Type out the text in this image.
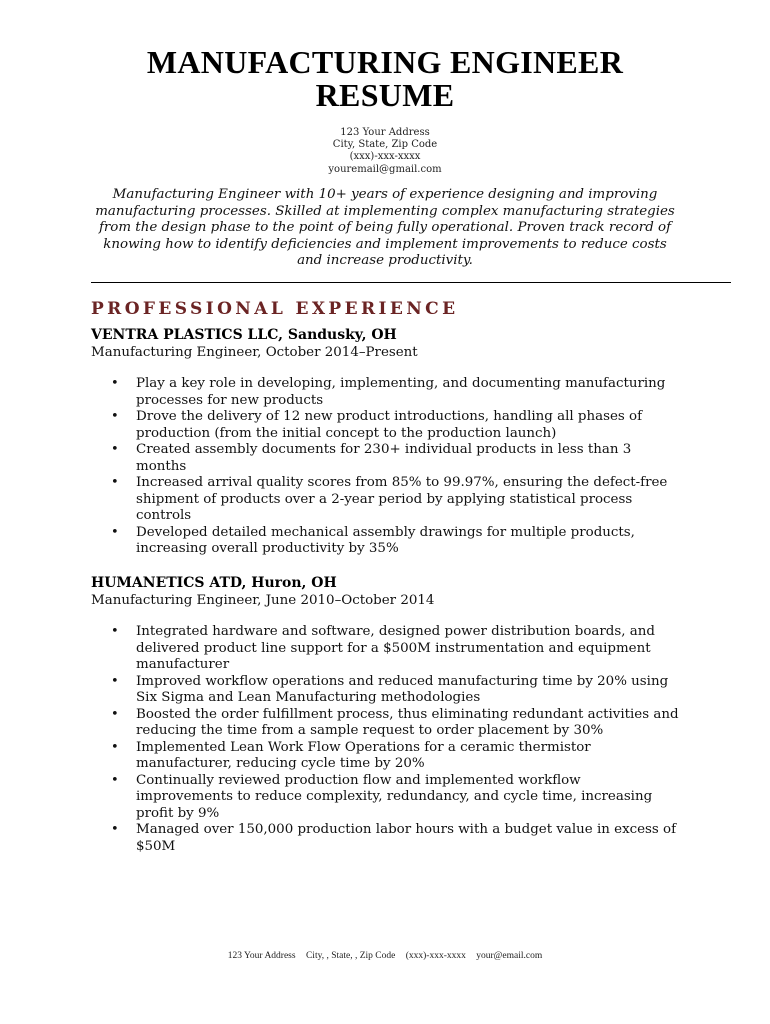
MANUFACTURING ENGINEER
RESUME
123 Your Address
City, State, Zip Code
(xxx)-xxx-xxxx
youremail@gmail.com
Manufacturing Engineer with 10+ years of experience designing and improving manufacturing processes. Skilled at implementing complex manufacturing strategies from the design phase to the point of being fully operational. Proven track record of knowing how to identify deficiencies and implement improvements to reduce costs and increase productivity.
PROFESSIONAL EXPERIENCE
VENTRA PLASTICS LLC, Sandusky, OH
Manufacturing Engineer, October 2014–Present
• Play a key role in developing, implementing, and documenting manufacturing processes for new products
• Drove the delivery of 12 new product introductions, handling all phases of production (from the initial concept to the production launch)
• Created assembly documents for 230+ individual products in less than 3 months
• Increased arrival quality scores from 85% to 99.97%, ensuring the defect-free shipment of products over a 2-year period by applying statistical process controls
• Developed detailed mechanical assembly drawings for multiple products, increasing overall productivity by 35%
HUMANETICS ATD, Huron, OH
Manufacturing Engineer, June 2010–October 2014
• Integrated hardware and software, designed power distribution boards, and delivered product line support for a $500M instrumentation and equipment manufacturer
• Improved workflow operations and reduced manufacturing time by 20% using Six Sigma and Lean Manufacturing methodologies
• Boosted the order fulfillment process, thus eliminating redundant activities and reducing the time from a sample request to order placement by 30%
• Implemented Lean Work Flow Operations for a ceramic thermistor manufacturer, reducing cycle time by 20%
• Continually reviewed production flow and implemented workflow improvements to reduce complexity, redundancy, and cycle time, increasing profit by 9%
• Managed over 150,000 production labor hours with a budget value in excess of $50M
123 Your Address City, , State, , Zip Code (xxx)-xxx-xxxx your@email.com
